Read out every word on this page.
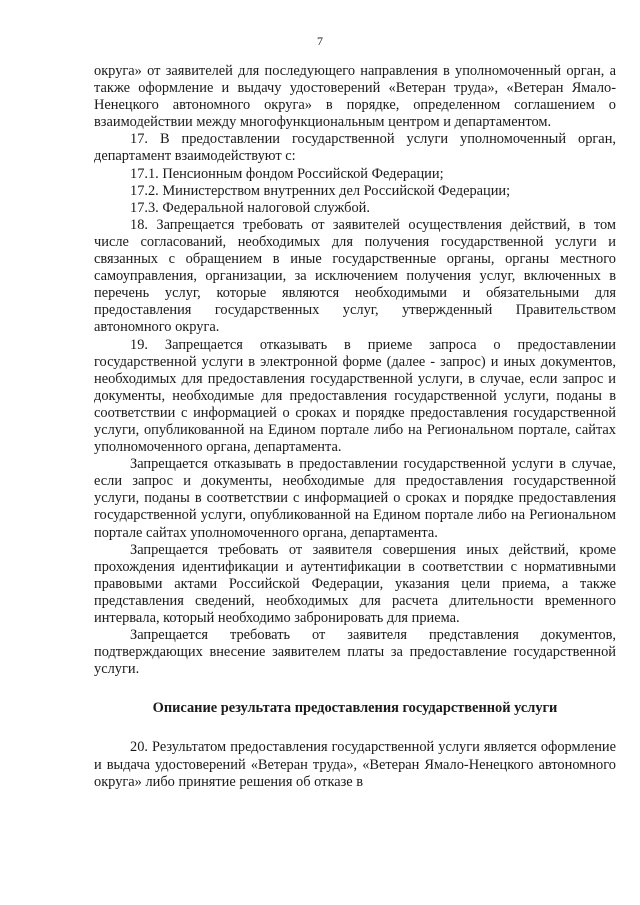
7

округа» от заявителей для последующего направления в уполномоченный орган, а также оформление и выдачу удостоверений «Ветеран труда», «Ветеран Ямало-Ненецкого автономного округа» в порядке, определенном соглашением о взаимодействии между многофункциональным центром и департаментом.

17. В предоставлении государственной услуги уполномоченный орган, департамент взаимодействуют с:

17.1. Пенсионным фондом Российской Федерации;

17.2. Министерством внутренних дел Российской Федерации;

17.3. Федеральной налоговой службой.

18. Запрещается требовать от заявителей осуществления действий, в том числе согласований, необходимых для получения государственной услуги и связанных с обращением в иные государственные органы, органы местного самоуправления, организации, за исключением получения услуг, включенных в перечень услуг, которые являются необходимыми и обязательными для предоставления государственных услуг, утвержденный Правительством автономного округа.

19. Запрещается отказывать в приеме запроса о предоставлении государственной услуги в электронной форме (далее - запрос) и иных документов, необходимых для предоставления государственной услуги, в случае, если запрос и документы, необходимые для предоставления государственной услуги, поданы в соответствии с информацией о сроках и порядке предоставления государственной услуги, опубликованной на Едином портале либо на Региональном портале, сайтах уполномоченного органа, департамента.

Запрещается отказывать в предоставлении государственной услуги в случае, если запрос и документы, необходимые для предоставления государственной услуги, поданы в соответствии с информацией о сроках и порядке предоставления государственной услуги, опубликованной на Едином портале либо на Региональном портале сайтах уполномоченного органа, департамента.

Запрещается требовать от заявителя совершения иных действий, кроме прохождения идентификации и аутентификации в соответствии с нормативными правовыми актами Российской Федерации, указания цели приема, а также представления сведений, необходимых для расчета длительности временного интервала, который необходимо забронировать для приема.

Запрещается требовать от заявителя представления документов, подтверждающих внесение заявителем платы за предоставление государственной услуги.

Описание результата предоставления государственной услуги

20. Результатом предоставления государственной услуги является оформление и выдача удостоверений «Ветеран труда», «Ветеран Ямало-Ненецкого автономного округа» либо принятие решения об отказе в
